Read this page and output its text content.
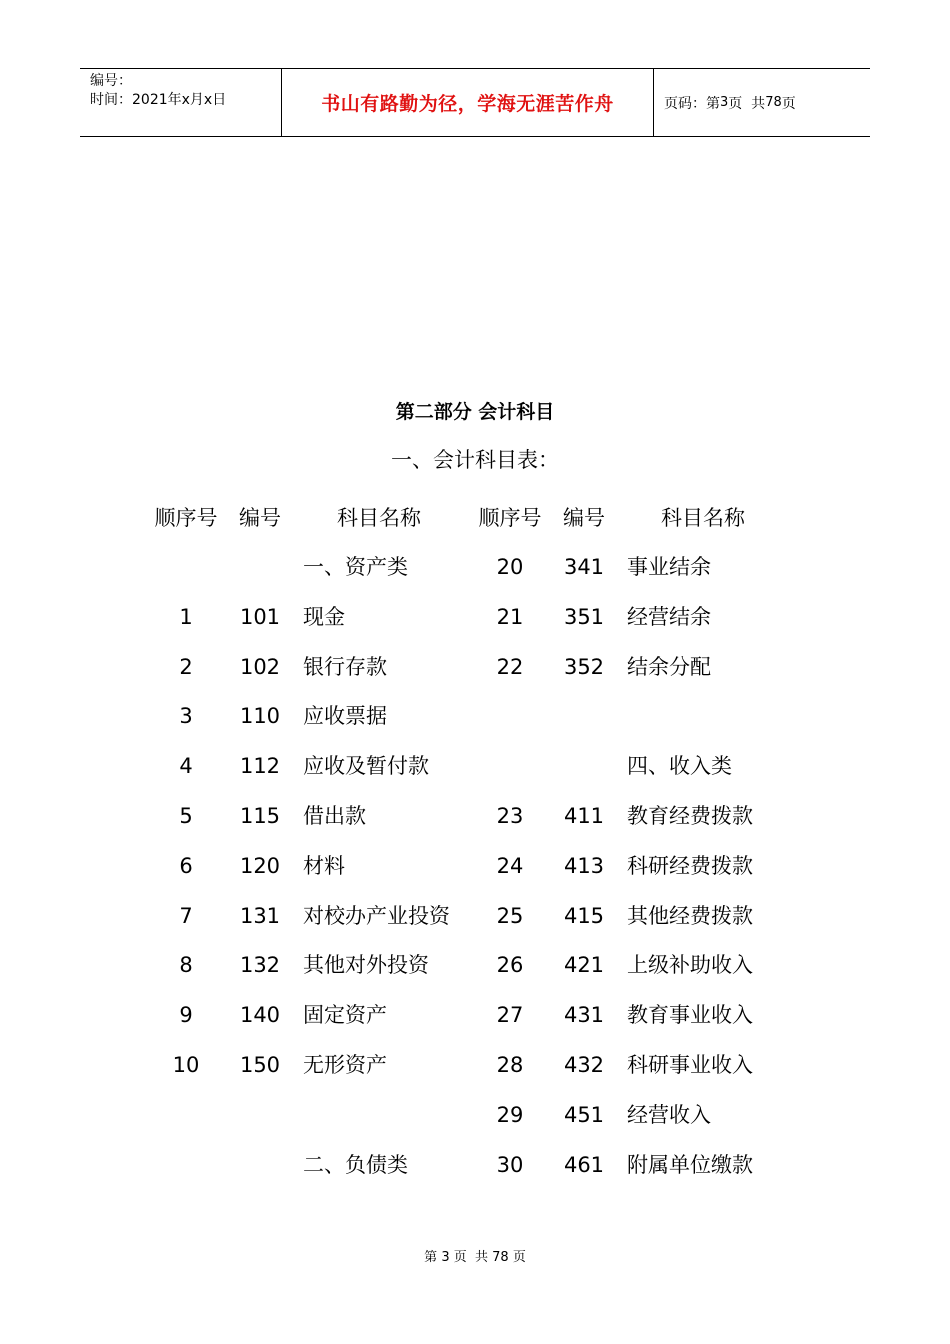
编号：
时间：2021年x月x日	书山有路勤为径，学海无涯苦作舟	页码：第 3 页  共 78 页
第二部分 会计科目
一、会计科目表：
顺序号	编号	科目名称
一、资产类
1	101	现金
2	102	银行存款
3	110	应收票据
4	112	应收及暂付款
5	115	借出款
6	120	材料
7	131	对校办产业投资
8	132	其他对外投资
9	140	固定资产
10	150	无形资产
二、负债类
顺序号	编号	科目名称
20	341	事业结余
21	351	经营结余
22	352	结余分配
四、收入类
23	411	教育经费拨款
24	413	科研经费拨款
25	415	其他经费拨款
26	421	上级补助收入
27	431	教育事业收入
28	432	科研事业收入
29	451	经营收入
30	461	附属单位缴款
第 3 页  共 78 页
